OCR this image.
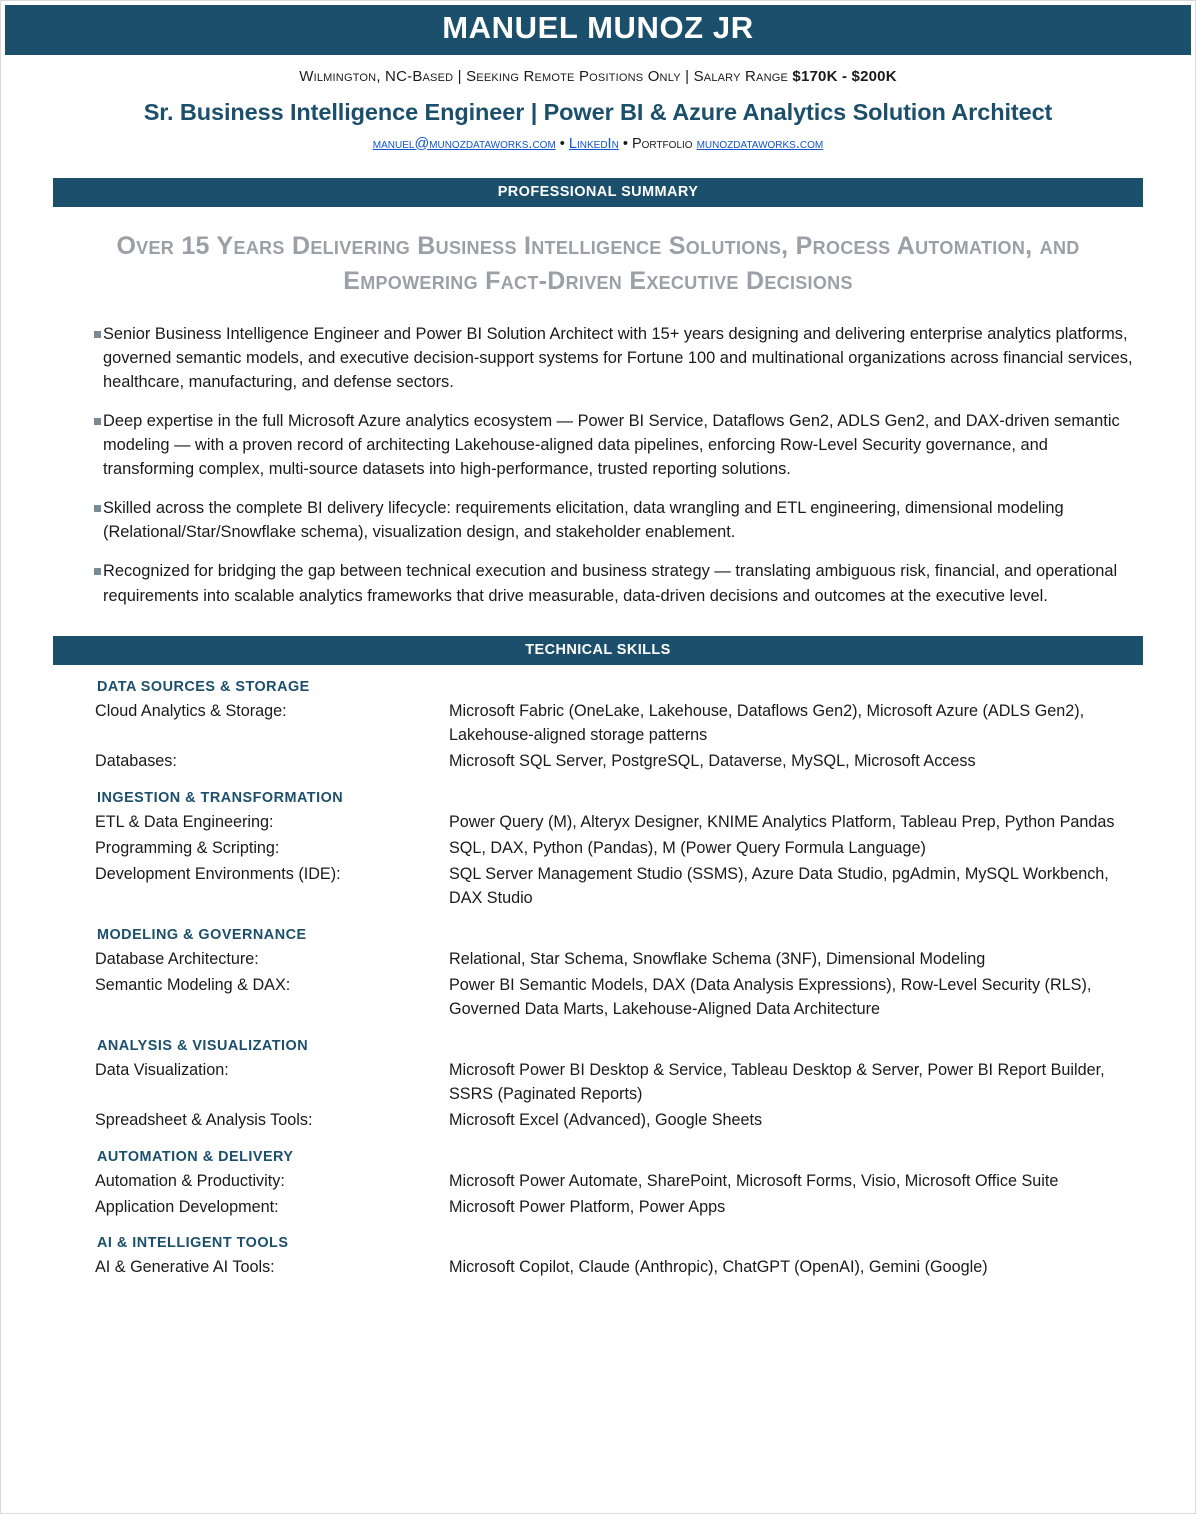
MANUEL MUNOZ JR
Wilmington, NC-Based | Seeking Remote Positions Only | Salary Range $170K - $200K
Sr. Business Intelligence Engineer | Power BI & Azure Analytics Solution Architect
manuel@munozdataworks.com • LinkedIn • Portfolio munozdataworks.com
PROFESSIONAL SUMMARY
Over 15 Years Delivering Business Intelligence Solutions, Process Automation, and Empowering Fact-Driven Executive Decisions
Senior Business Intelligence Engineer and Power BI Solution Architect with 15+ years designing and delivering enterprise analytics platforms, governed semantic models, and executive decision-support systems for Fortune 100 and multinational organizations across financial services, healthcare, manufacturing, and defense sectors.
Deep expertise in the full Microsoft Azure analytics ecosystem — Power BI Service, Dataflows Gen2, ADLS Gen2, and DAX-driven semantic modeling — with a proven record of architecting Lakehouse-aligned data pipelines, enforcing Row-Level Security governance, and transforming complex, multi-source datasets into high-performance, trusted reporting solutions.
Skilled across the complete BI delivery lifecycle: requirements elicitation, data wrangling and ETL engineering, dimensional modeling (Relational/Star/Snowflake schema), visualization design, and stakeholder enablement.
Recognized for bridging the gap between technical execution and business strategy — translating ambiguous risk, financial, and operational requirements into scalable analytics frameworks that drive measurable, data-driven decisions and outcomes at the executive level.
TECHNICAL SKILLS
DATA SOURCES & STORAGE
Cloud Analytics & Storage:	Microsoft Fabric (OneLake, Lakehouse, Dataflows Gen2), Microsoft Azure (ADLS Gen2), Lakehouse-aligned storage patterns
Databases:	Microsoft SQL Server, PostgreSQL, Dataverse, MySQL, Microsoft Access
INGESTION & TRANSFORMATION
ETL & Data Engineering:	Power Query (M), Alteryx Designer, KNIME Analytics Platform, Tableau Prep, Python Pandas
Programming & Scripting:	SQL, DAX, Python (Pandas), M (Power Query Formula Language)
Development Environments (IDE):	SQL Server Management Studio (SSMS), Azure Data Studio, pgAdmin, MySQL Workbench, DAX Studio
MODELING & GOVERNANCE
Database Architecture:	Relational, Star Schema, Snowflake Schema (3NF), Dimensional Modeling
Semantic Modeling & DAX:	Power BI Semantic Models, DAX (Data Analysis Expressions), Row-Level Security (RLS), Governed Data Marts, Lakehouse-Aligned Data Architecture
ANALYSIS & VISUALIZATION
Data Visualization:	Microsoft Power BI Desktop & Service, Tableau Desktop & Server, Power BI Report Builder, SSRS (Paginated Reports)
Spreadsheet & Analysis Tools:	Microsoft Excel (Advanced), Google Sheets
AUTOMATION & DELIVERY
Automation & Productivity:	Microsoft Power Automate, SharePoint, Microsoft Forms, Visio, Microsoft Office Suite
Application Development:	Microsoft Power Platform, Power Apps
AI & INTELLIGENT TOOLS
AI & Generative AI Tools:	Microsoft Copilot, Claude (Anthropic), ChatGPT (OpenAI), Gemini (Google)
